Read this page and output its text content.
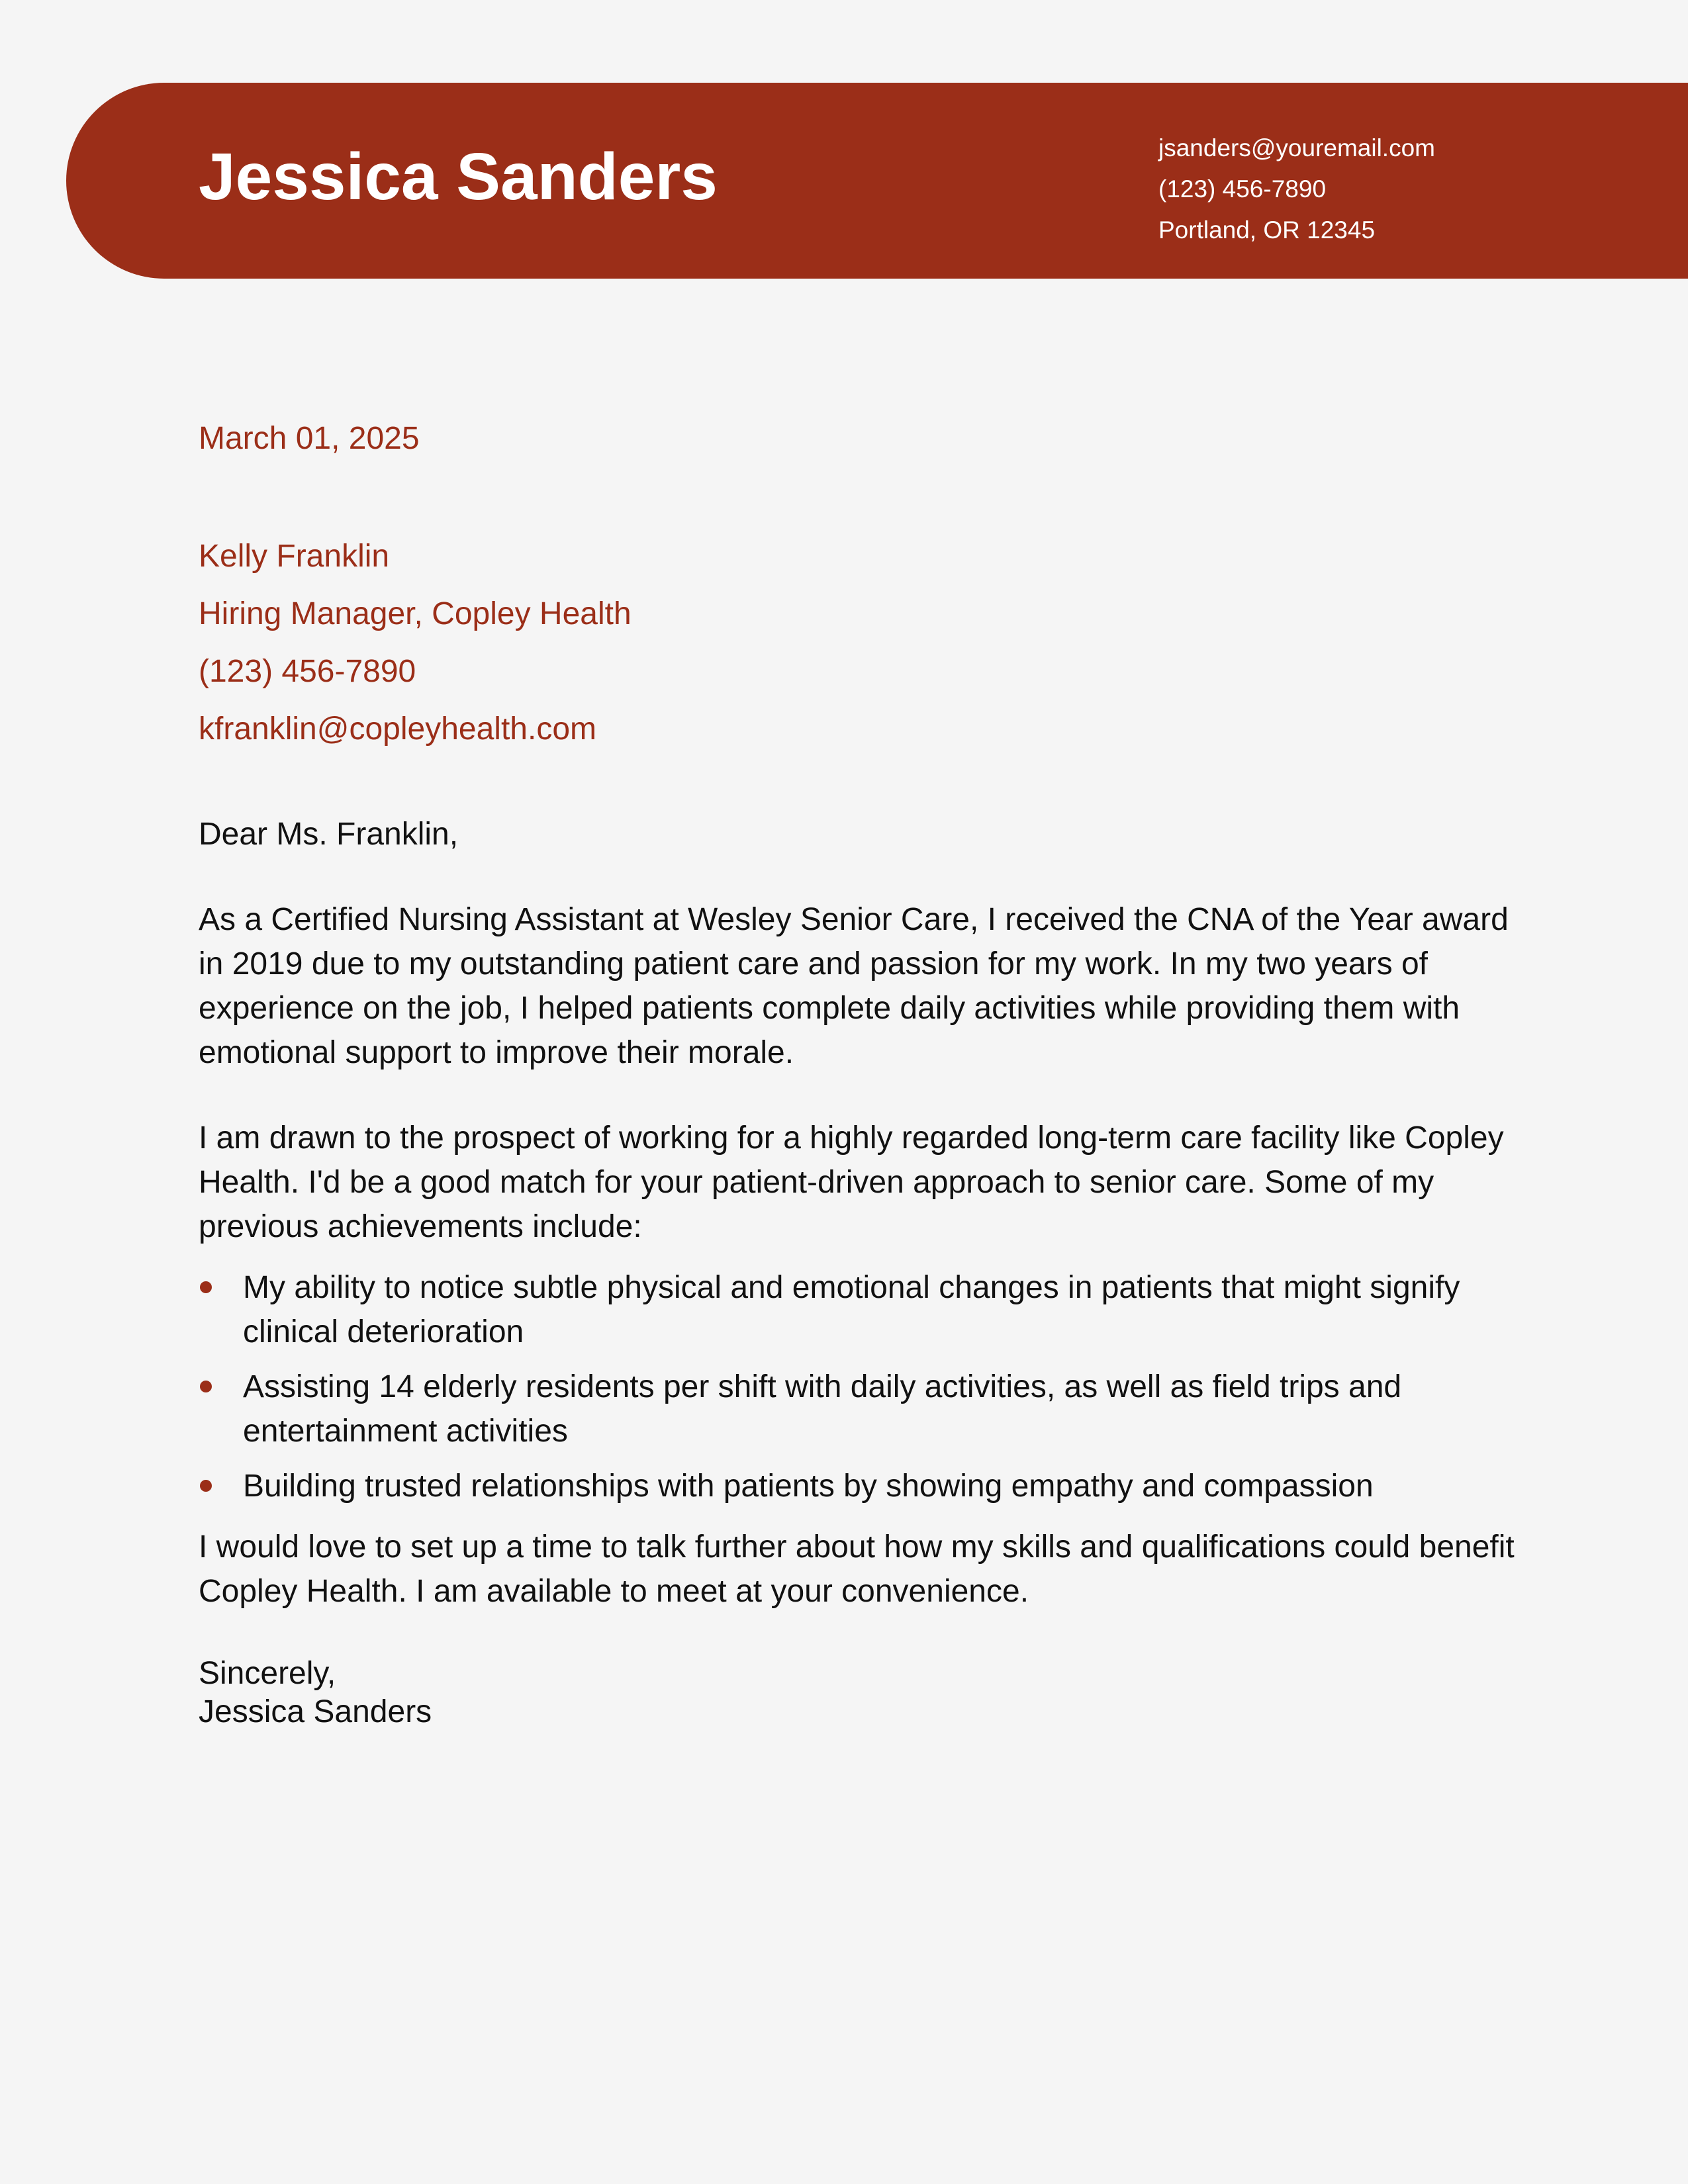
Jessica Sanders	jsanders@youremail.com
(123) 456-7890
Portland, OR 12345
March 01, 2025
Kelly Franklin
Hiring Manager, Copley Health
(123) 456-7890
kfranklin@copleyhealth.com

Dear Ms. Franklin,

As a Certified Nursing Assistant at Wesley Senior Care, I received the CNA of the Year award in 2019 due to my outstanding patient care and passion for my work. In my two years of experience on the job, I helped patients complete daily activities while providing them with emotional support to improve their morale.

I am drawn to the prospect of working for a highly regarded long-term care facility like Copley Health. I'd be a good match for your patient-driven approach to senior care. Some of my previous achievements include:

My ability to notice subtle physical and emotional changes in patients that might signify clinical deterioration
Assisting 14 elderly residents per shift with daily activities, as well as field trips and entertainment activities
Building trusted relationships with patients by showing empathy and compassion

I would love to set up a time to talk further about how my skills and qualifications could benefit Copley Health. I am available to meet at your convenience.

Sincerely,
Jessica Sanders
